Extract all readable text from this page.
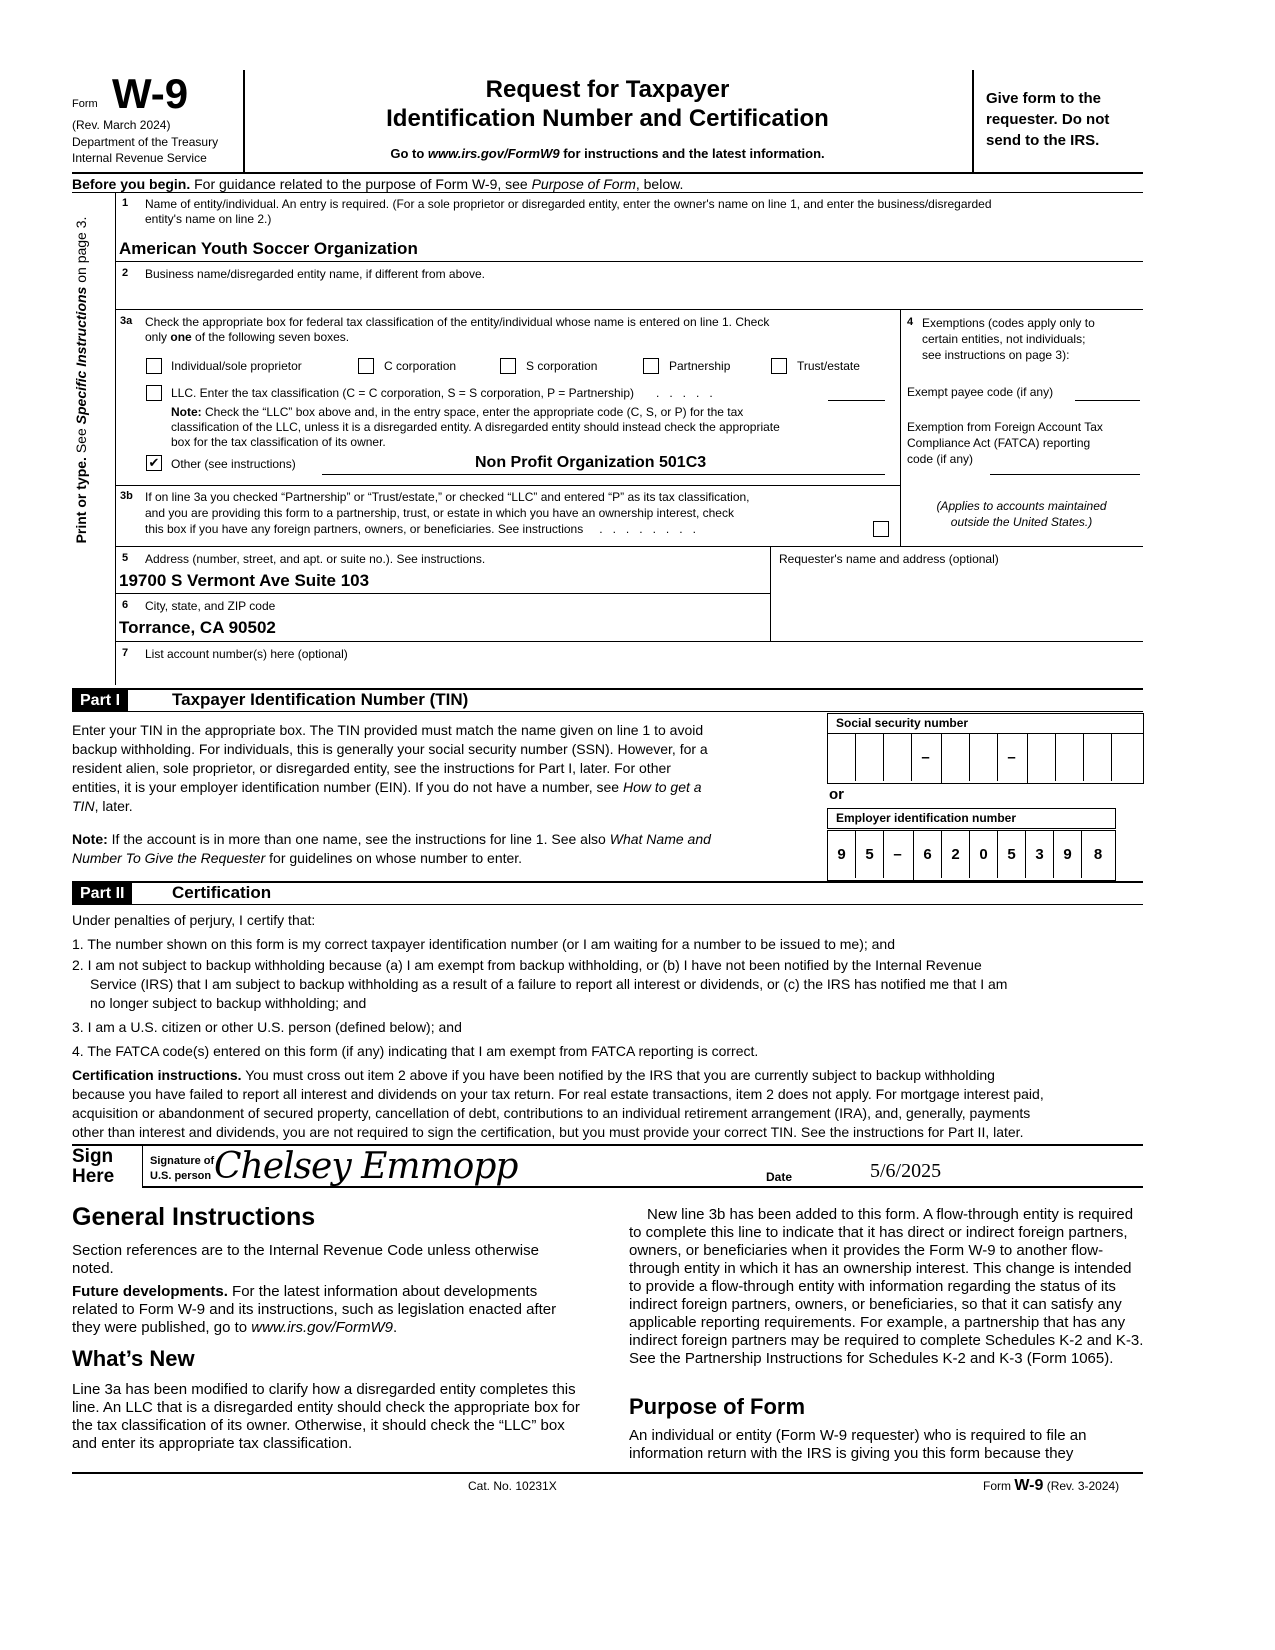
Form W-9
(Rev. March 2024)
Department of the Treasury
Internal Revenue Service
Request for Taxpayer
Identification Number and Certification
Go to www.irs.gov/FormW9 for instructions and the latest information.
Give form to the
requester. Do not
send to the IRS.
Before you begin. For guidance related to the purpose of Form W-9, see Purpose of Form, below.
Print or type. See Specific Instructions on page 3.
1 Name of entity/individual. An entry is required. (For a sole proprietor or disregarded entity, enter the owner's name on line 1, and enter the business/disregarded
entity's name on line 2.)
American Youth Soccer Organization
2 Business name/disregarded entity name, if different from above.
3a Check the appropriate box for federal tax classification of the entity/individual whose name is entered on line 1. Check
only one of the following seven boxes.
Individual/sole proprietor	C corporation	S corporation	Partnership	Trust/estate
LLC. Enter the tax classification (C = C corporation, S = S corporation, P = Partnership) .....
Note: Check the “LLC” box above and, in the entry space, enter the appropriate code (C, S, or P) for the tax
classification of the LLC, unless it is a disregarded entity. A disregarded entity should instead check the appropriate
box for the tax classification of its owner.
✔ Other (see instructions)	Non Profit Organization 501C3
3b If on line 3a you checked “Partnership” or “Trust/estate,” or checked “LLC” and entered “P” as its tax classification,
and you are providing this form to a partnership, trust, or estate in which you have an ownership interest, check
this box if you have any foreign partners, owners, or beneficiaries. See instructions ........
4 Exemptions (codes apply only to
certain entities, not individuals;
see instructions on page 3):
Exempt payee code (if any)
Exemption from Foreign Account Tax
Compliance Act (FATCA) reporting
code (if any)
(Applies to accounts maintained
outside the United States.)
5 Address (number, street, and apt. or suite no.). See instructions.
19700 S Vermont Ave Suite 103
Requester's name and address (optional)
6 City, state, and ZIP code
Torrance, CA 90502
7 List account number(s) here (optional)
Part I	Taxpayer Identification Number (TIN)
Enter your TIN in the appropriate box. The TIN provided must match the name given on line 1 to avoid
backup withholding. For individuals, this is generally your social security number (SSN). However, for a
resident alien, sole proprietor, or disregarded entity, see the instructions for Part I, later. For other
entities, it is your employer identification number (EIN). If you do not have a number, see How to get a
TIN, later.
Note: If the account is in more than one name, see the instructions for line 1. See also What Name and
Number To Give the Requester for guidelines on whose number to enter.
Social security number
–	–
or
Employer identification number
9	5	–	6	2	0	5	3	9	8
Part II	Certification
Under penalties of perjury, I certify that:
1. The number shown on this form is my correct taxpayer identification number (or I am waiting for a number to be issued to me); and
2. I am not subject to backup withholding because (a) I am exempt from backup withholding, or (b) I have not been notified by the Internal Revenue
Service (IRS) that I am subject to backup withholding as a result of a failure to report all interest or dividends, or (c) the IRS has notified me that I am
no longer subject to backup withholding; and
3. I am a U.S. citizen or other U.S. person (defined below); and
4. The FATCA code(s) entered on this form (if any) indicating that I am exempt from FATCA reporting is correct.
Certification instructions. You must cross out item 2 above if you have been notified by the IRS that you are currently subject to backup withholding
because you have failed to report all interest and dividends on your tax return. For real estate transactions, item 2 does not apply. For mortgage interest paid,
acquisition or abandonment of secured property, cancellation of debt, contributions to an individual retirement arrangement (IRA), and, generally, payments
other than interest and dividends, you are not required to sign the certification, but you must provide your correct TIN. See the instructions for Part II, later.
Sign
Here
Signature of
U.S. person Chelsey Emmopp	Date	5/6/2025
General Instructions
Section references are to the Internal Revenue Code unless otherwise noted.
Future developments. For the latest information about developments related to Form W-9 and its instructions, such as legislation enacted after they were published, go to www.irs.gov/FormW9.
What’s New
Line 3a has been modified to clarify how a disregarded entity completes this line. An LLC that is a disregarded entity should check the appropriate box for the tax classification of its owner. Otherwise, it should check the “LLC” box and enter its appropriate tax classification.
New line 3b has been added to this form. A flow-through entity is required to complete this line to indicate that it has direct or indirect foreign partners, owners, or beneficiaries when it provides the Form W-9 to another flow-through entity in which it has an ownership interest. This change is intended to provide a flow-through entity with information regarding the status of its indirect foreign partners, owners, or beneficiaries, so that it can satisfy any applicable reporting requirements. For example, a partnership that has any indirect foreign partners may be required to complete Schedules K-2 and K-3. See the Partnership Instructions for Schedules K-2 and K-3 (Form 1065).
Purpose of Form
An individual or entity (Form W-9 requester) who is required to file an information return with the IRS is giving you this form because they
Cat. No. 10231X	Form W-9 (Rev. 3-2024)
